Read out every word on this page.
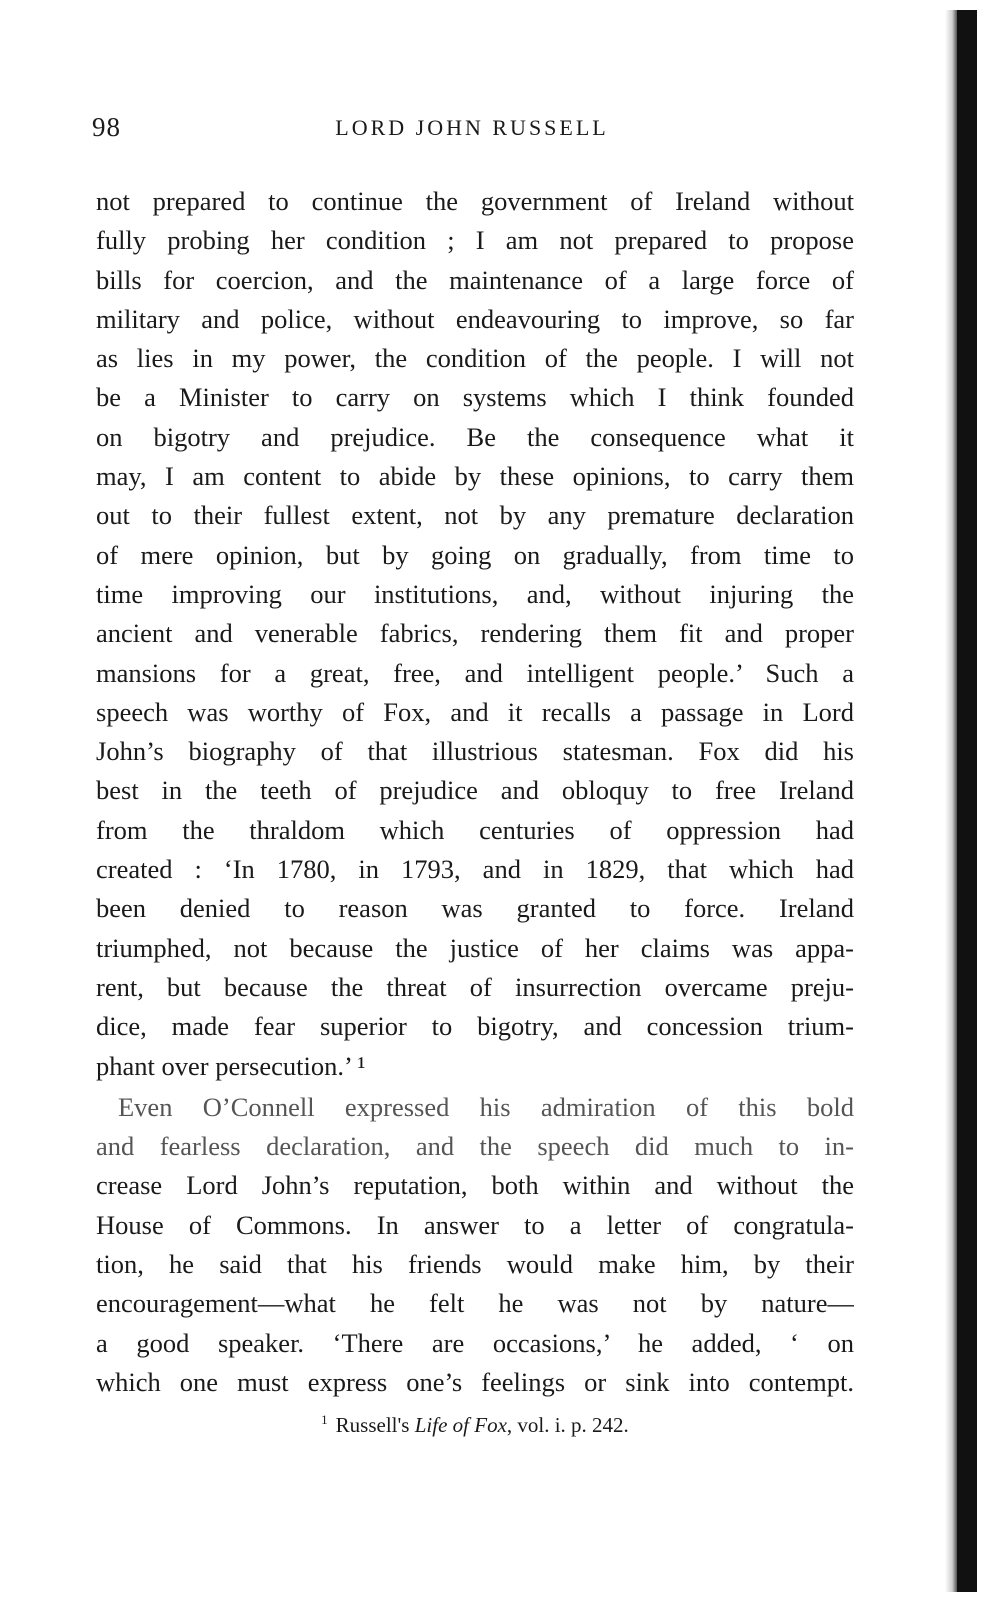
98	LORD JOHN RUSSELL
not prepared to continue the government of Ireland without
fully probing her condition ; I am not prepared to propose
bills for coercion, and the maintenance of a large force of
military and police, without endeavouring to improve, so far
as lies in my power, the condition of the people. I will not
be a Minister to carry on systems which I think founded
on bigotry and prejudice. Be the consequence what it
may, I am content to abide by these opinions, to carry them
out to their fullest extent, not by any premature declaration
of mere opinion, but by going on gradually, from time to
time improving our institutions, and, without injuring the
ancient and venerable fabrics, rendering them fit and proper
mansions for a great, free, and intelligent people.’ Such a
speech was worthy of Fox, and it recalls a passage in Lord
John’s biography of that illustrious statesman. Fox did his
best in the teeth of prejudice and obloquy to free Ireland
from the thraldom which centuries of oppression had
created : ‘In 1780, in 1793, and in 1829, that which had
been denied to reason was granted to force. Ireland
triumphed, not because the justice of her claims was appa-
rent, but because the threat of insurrection overcame preju-
dice, made fear superior to bigotry, and concession trium-
phant over persecution.’ ¹
Even O’Connell expressed his admiration of this bold
and fearless declaration, and the speech did much to in-
crease Lord John’s reputation, both within and without the
House of Commons. In answer to a letter of congratula-
tion, he said that his friends would make him, by their
encouragement—what he felt he was not by nature—
a good speaker. ‘There are occasions,’ he added, ‘ on
which one must express one’s feelings or sink into contempt.
$^1$ Russell's Life of Fox, vol. i. p. 242.
